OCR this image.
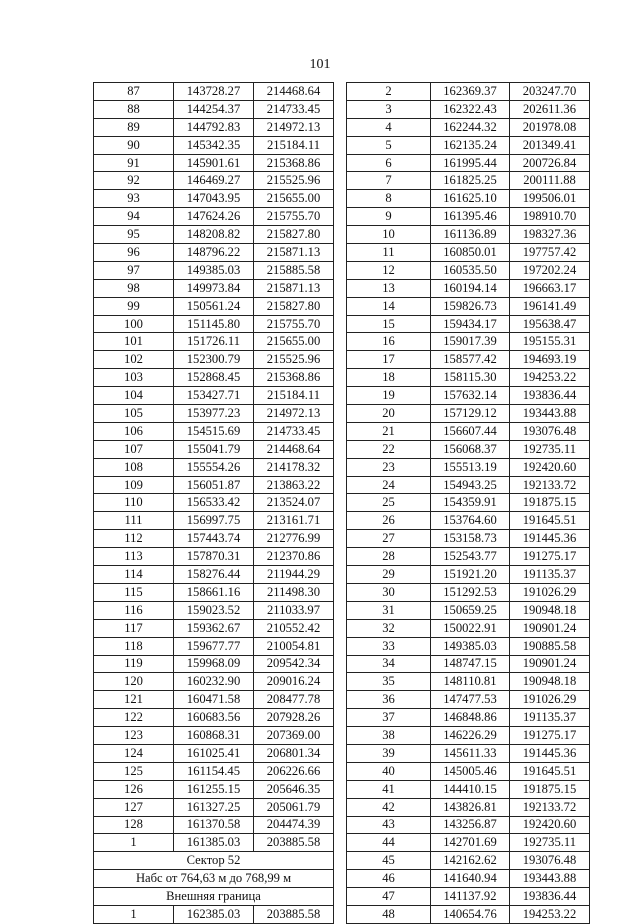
101
87	143728.27	214468.64
88	144254.37	214733.45
89	144792.83	214972.13
90	145342.35	215184.11
91	145901.61	215368.86
92	146469.27	215525.96
93	147043.95	215655.00
94	147624.26	215755.70
95	148208.82	215827.80
96	148796.22	215871.13
97	149385.03	215885.58
98	149973.84	215871.13
99	150561.24	215827.80
100	151145.80	215755.70
101	151726.11	215655.00
102	152300.79	215525.96
103	152868.45	215368.86
104	153427.71	215184.11
105	153977.23	214972.13
106	154515.69	214733.45
107	155041.79	214468.64
108	155554.26	214178.32
109	156051.87	213863.22
110	156533.42	213524.07
111	156997.75	213161.71
112	157443.74	212776.99
113	157870.31	212370.86
114	158276.44	211944.29
115	158661.16	211498.30
116	159023.52	211033.97
117	159362.67	210552.42
118	159677.77	210054.81
119	159968.09	209542.34
120	160232.90	209016.24
121	160471.58	208477.78
122	160683.56	207928.26
123	160868.31	207369.00
124	161025.41	206801.34
125	161154.45	206226.66
126	161255.15	205646.35
127	161327.25	205061.79
128	161370.58	204474.39
1	161385.03	203885.58
Сектор 52		
Набс от 764,63 м до 768,99 м		
Внешняя граница		
1	162385.03	203885.58
2	162369.37	203247.70
3	162322.43	202611.36
4	162244.32	201978.08
5	162135.24	201349.41
6	161995.44	200726.84
7	161825.25	200111.88
8	161625.10	199506.01
9	161395.46	198910.70
10	161136.89	198327.36
11	160850.01	197757.42
12	160535.50	197202.24
13	160194.14	196663.17
14	159826.73	196141.49
15	159434.17	195638.47
16	159017.39	195155.31
17	158577.42	194693.19
18	158115.30	194253.22
19	157632.14	193836.44
20	157129.12	193443.88
21	156607.44	193076.48
22	156068.37	192735.11
23	155513.19	192420.60
24	154943.25	192133.72
25	154359.91	191875.15
26	153764.60	191645.51
27	153158.73	191445.36
28	152543.77	191275.17
29	151921.20	191135.37
30	151292.53	191026.29
31	150659.25	190948.18
32	150022.91	190901.24
33	149385.03	190885.58
34	148747.15	190901.24
35	148110.81	190948.18
36	147477.53	191026.29
37	146848.86	191135.37
38	146226.29	191275.17
39	145611.33	191445.36
40	145005.46	191645.51
41	144410.15	191875.15
42	143826.81	192133.72
43	143256.87	192420.60
44	142701.69	192735.11
45	142162.62	193076.48
46	141640.94	193443.88
47	141137.92	193836.44
48	140654.76	194253.22
